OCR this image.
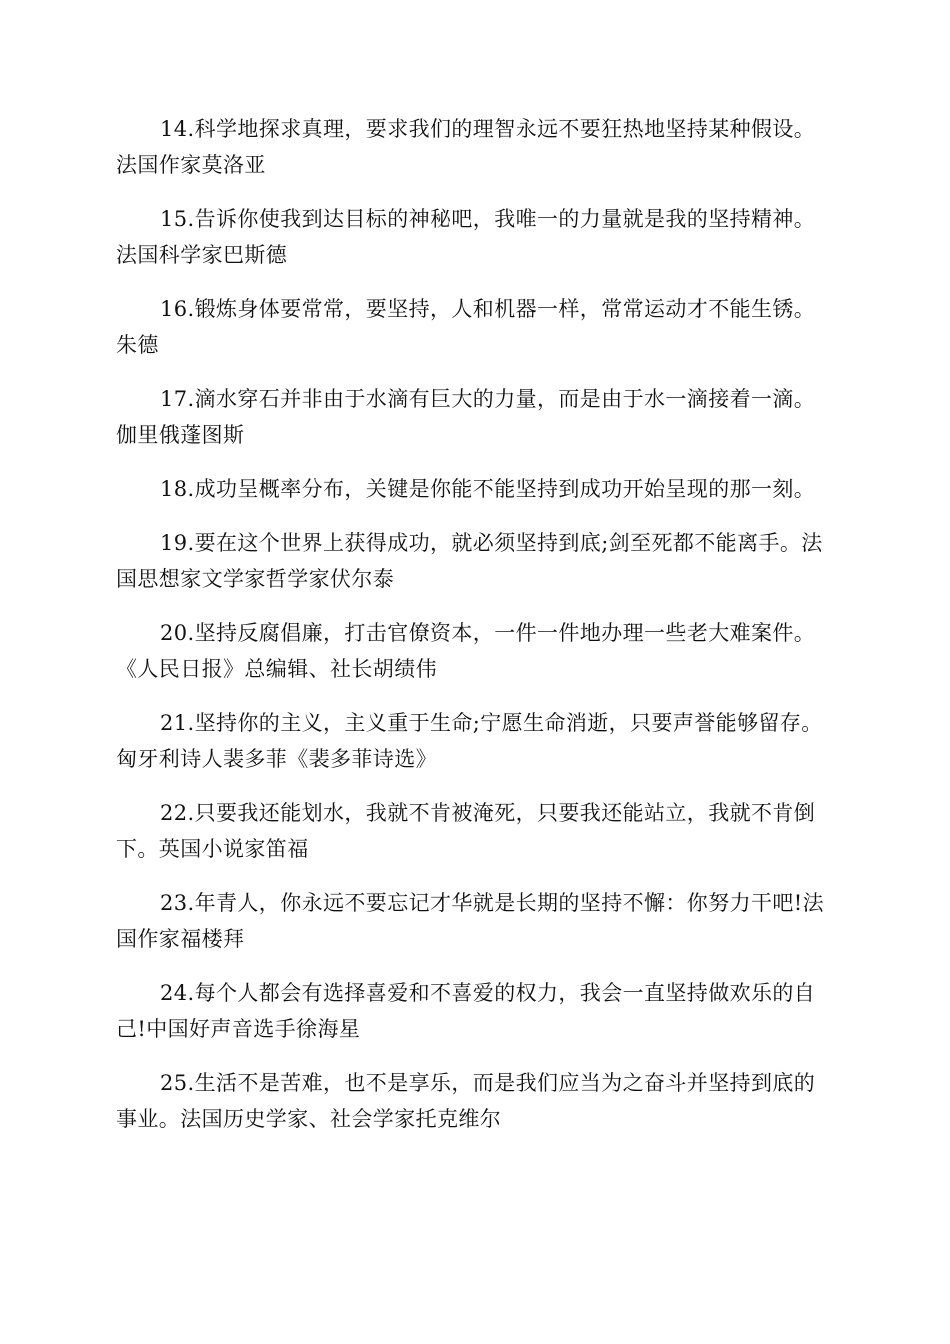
14.科学地探求真理，要求我们的理智永远不要狂热地坚持某种假设。法国作家莫洛亚

15.告诉你使我到达目标的神秘吧，我唯一的力量就是我的坚持精神。法国科学家巴斯德

16.锻炼身体要常常，要坚持，人和机器一样，常常运动才不能生锈。朱德

17.滴水穿石并非由于水滴有巨大的力量，而是由于水一滴接着一滴。伽里俄蓬图斯

18.成功呈概率分布，关键是你能不能坚持到成功开始呈现的那一刻。

19.要在这个世界上获得成功，就必须坚持到底;剑至死都不能离手。法国思想家文学家哲学家伏尔泰

20.坚持反腐倡廉，打击官僚资本，一件一件地办理一些老大难案件。《人民日报》总编辑、社长胡绩伟

21.坚持你的主义，主义重于生命;宁愿生命消逝，只要声誉能够留存。匈牙利诗人裴多菲《裴多菲诗选》

22.只要我还能划水，我就不肯被淹死，只要我还能站立，我就不肯倒下。英国小说家笛福

23.年青人，你永远不要忘记才华就是长期的坚持不懈：你努力干吧!法国作家福楼拜

24.每个人都会有选择喜爱和不喜爱的权力，我会一直坚持做欢乐的自己!中国好声音选手徐海星

25.生活不是苦难，也不是享乐，而是我们应当为之奋斗并坚持到底的事业。法国历史学家、社会学家托克维尔
